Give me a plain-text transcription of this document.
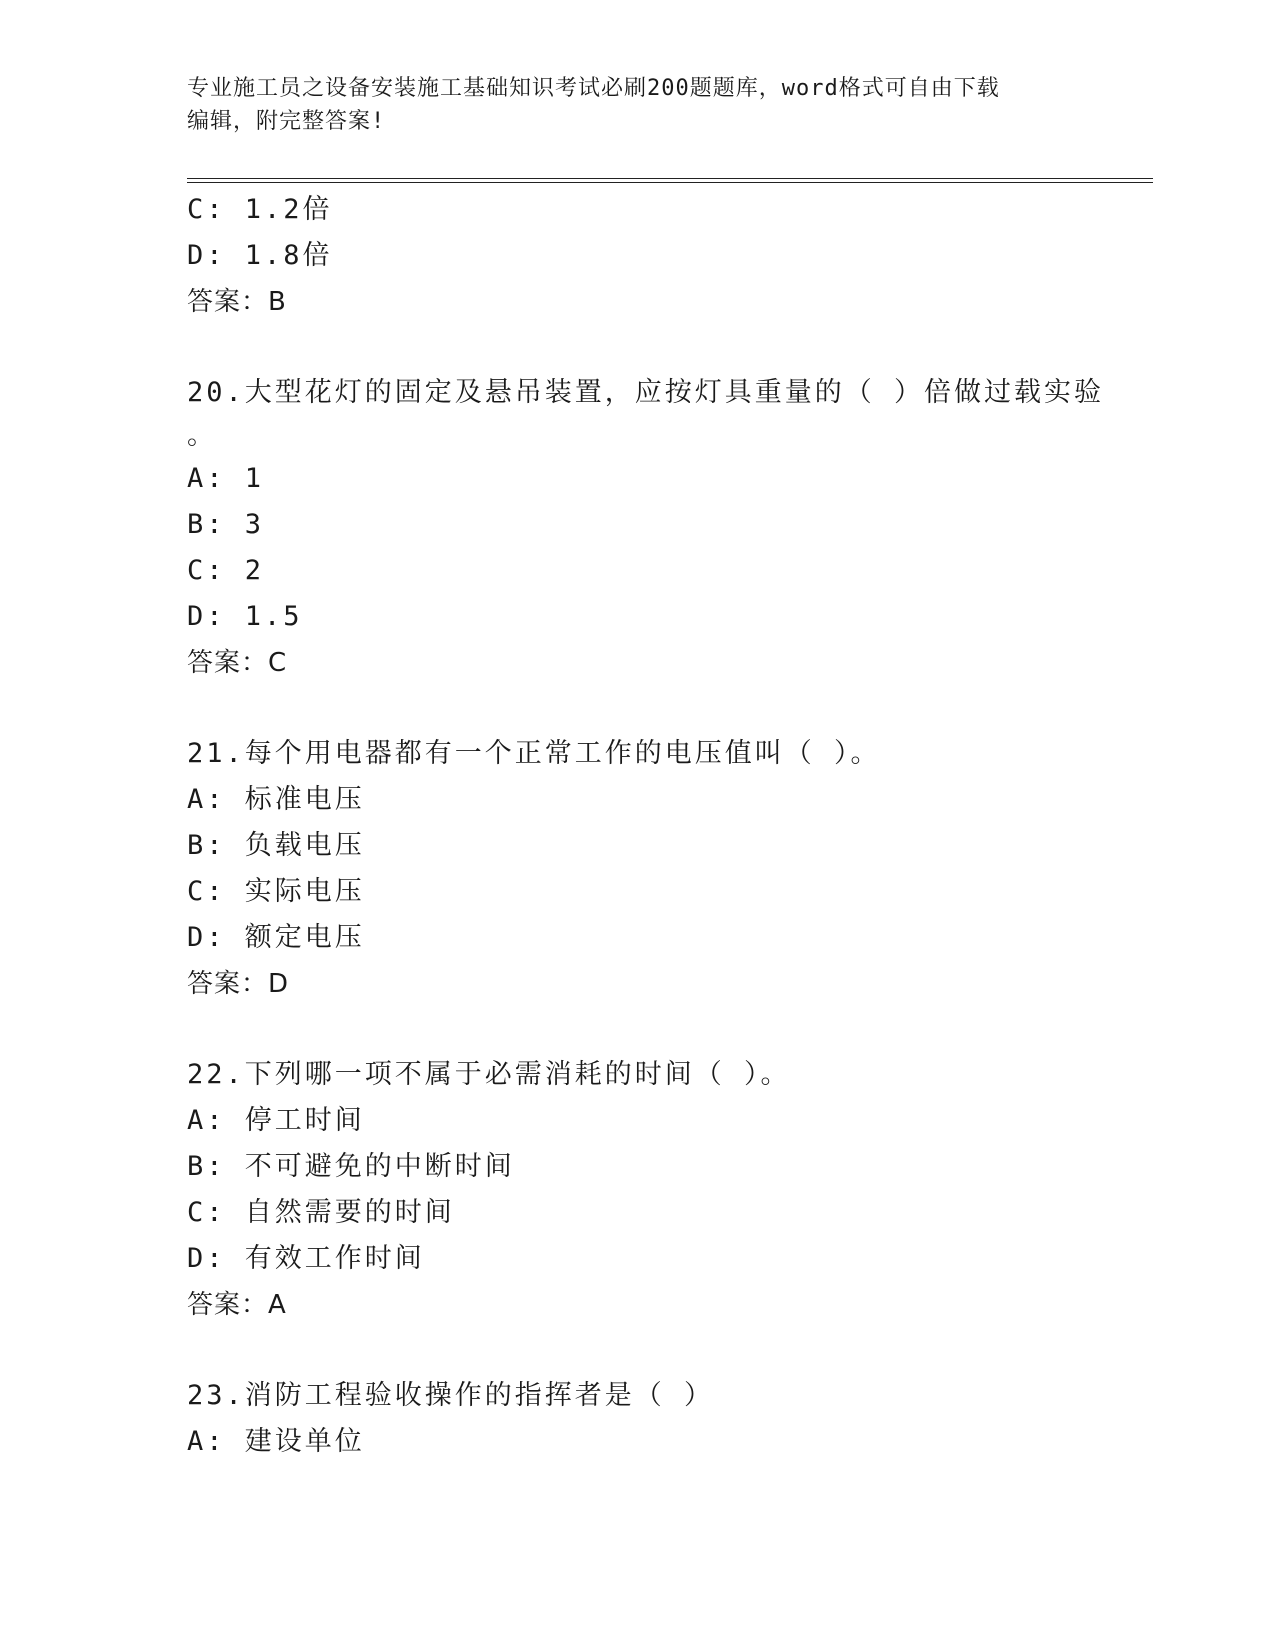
专业施工员之设备安装施工基础知识考试必刷200题题库，word格式可自由下载
编辑，附完整答案!
C: 1.2倍
D: 1.8倍
答案：B
20.大型花灯的固定及悬吊装置，应按灯具重量的（ ）倍做过载实验
。
A: 1
B: 3
C: 2
D: 1.5
答案：C
21.每个用电器都有一个正常工作的电压值叫（ ）。
A: 标准电压
B: 负载电压
C: 实际电压
D: 额定电压
答案：D
22.下列哪一项不属于必需消耗的时间（ ）。
A: 停工时间
B: 不可避免的中断时间
C: 自然需要的时间
D: 有效工作时间
答案：A
23.消防工程验收操作的指挥者是（ ）
A: 建设单位
